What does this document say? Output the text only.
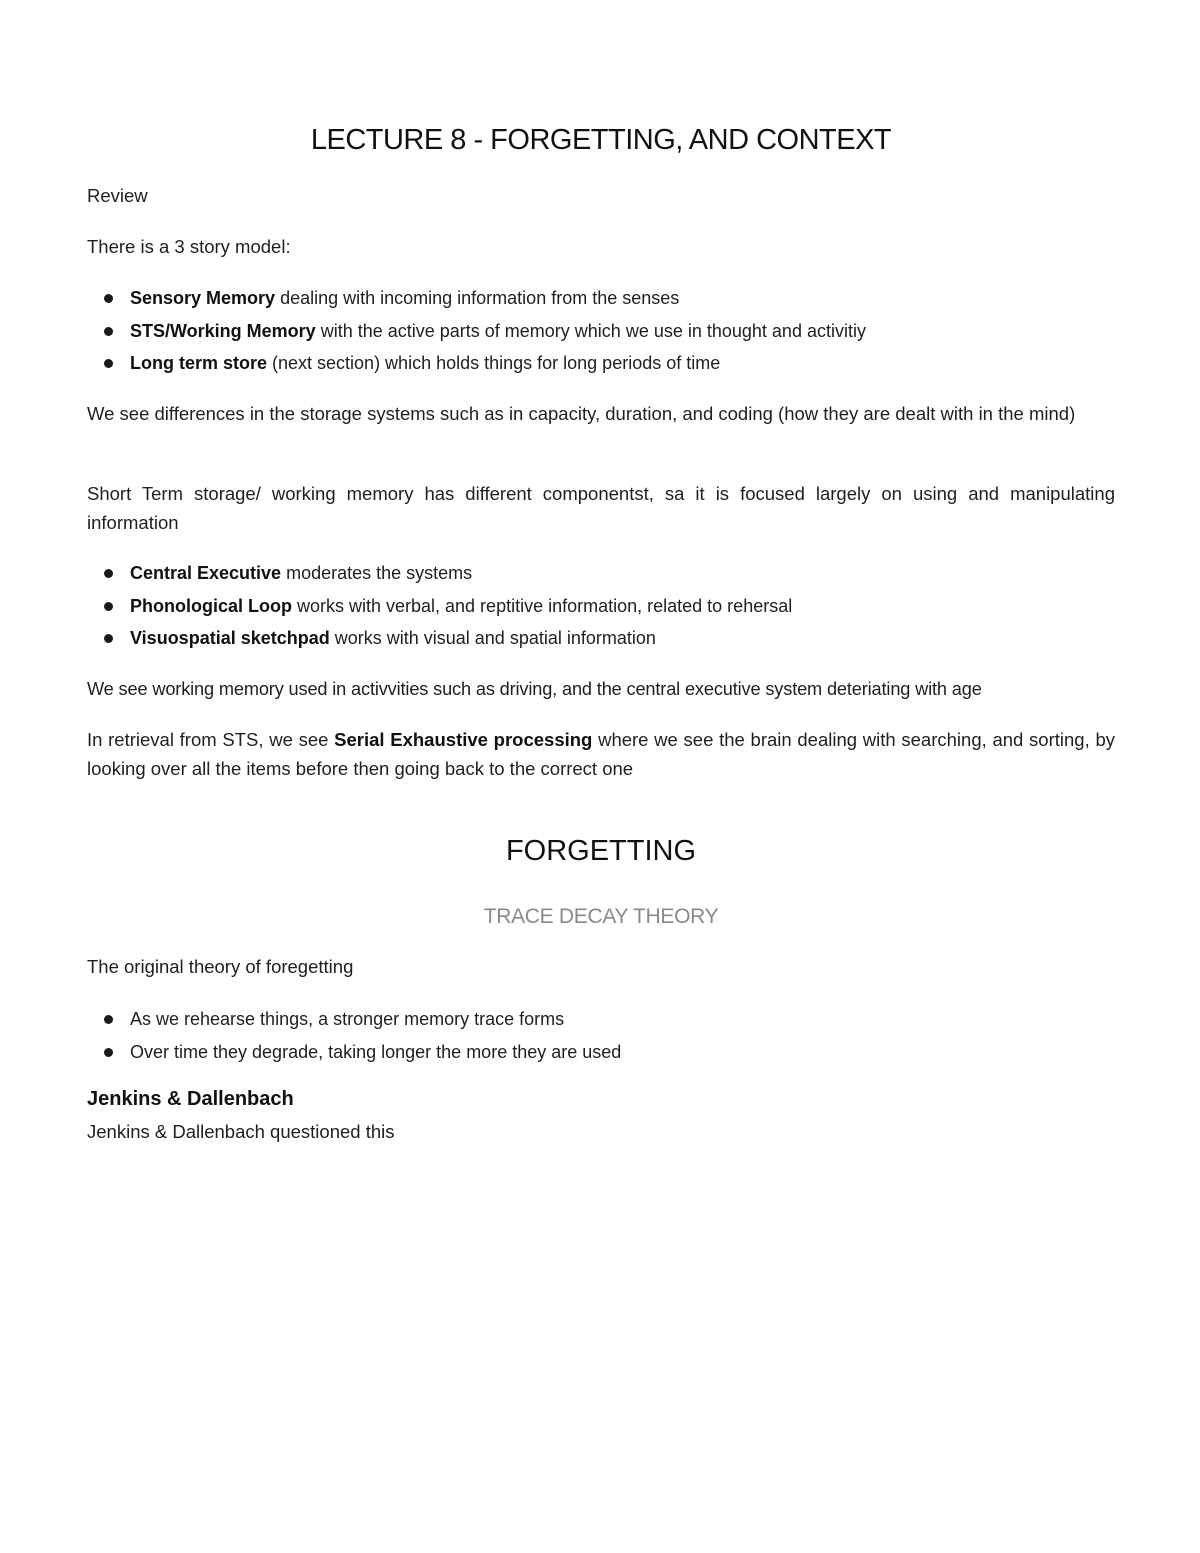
LECTURE 8 - FORGETTING, AND CONTEXT

Review

There is a 3 story model:

Sensory Memory dealing with incoming information from the senses
STS/Working Memory with the active parts of memory which we use in thought and activitiy
Long term store (next section) which holds things for long periods of time

We see differences in the storage systems such as in capacity, duration, and coding (how they are dealt with in the mind)

Short Term storage/ working memory has different componentst, sa it is focused largely on using and manipulating information

Central Executive moderates the systems
Phonological Loop works with verbal, and reptitive information, related to rehersal
Visuospatial sketchpad works with visual and spatial information

We see working memory used in activvities such as driving, and the central executive system deteriating with age

In retrieval from STS, we see Serial Exhaustive processing where we see the brain dealing with searching, and sorting, by looking over all the items before then going back to the correct one

FORGETTING
TRACE DECAY THEORY

The original theory of foregetting

As we rehearse things, a stronger memory trace forms
Over time they degrade, taking longer the more they are used
Jenkins & Dallenbach

Jenkins & Dallenbach questioned this
